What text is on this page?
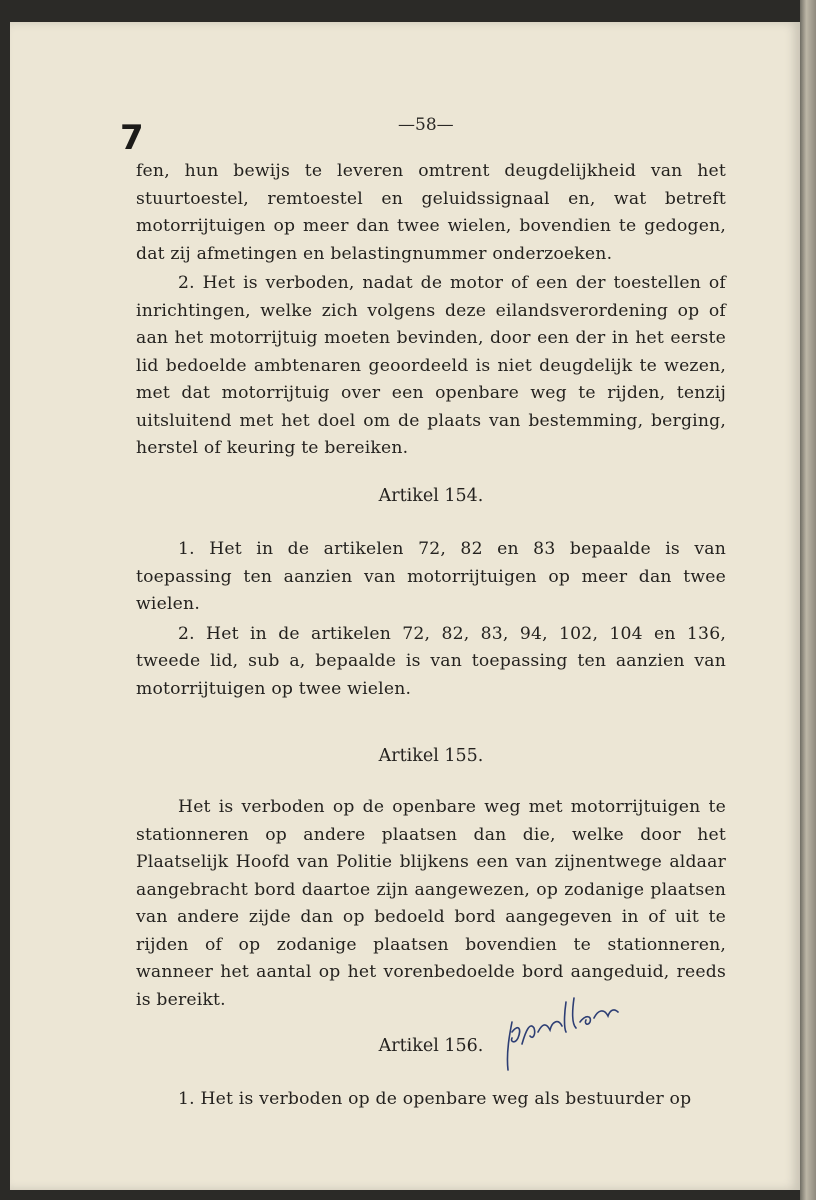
7	—58—

fen, hun bewijs te leveren omtrent deugdelijkheid van het stuurtoestel, remtoestel en geluidssignaal en, wat betreft motorrijtuigen op meer dan twee wielen, bovendien te gedogen, dat zij afmetingen en belastingnummer onderzoeken.

2. Het is verboden, nadat de motor of een der toestellen of inrichtingen, welke zich volgens deze eilandsverordening op of aan het motorrijtuig moeten bevinden, door een der in het eerste lid bedoelde ambtenaren geoordeeld is niet deugdelijk te wezen, met dat motorrijtuig over een openbare weg te rijden, tenzij uitsluitend met het doel om de plaats van bestemming, berging, herstel of keuring te bereiken.

Artikel 154.

1. Het in de artikelen 72, 82 en 83 bepaalde is van toepassing ten aanzien van motorrijtuigen op meer dan twee wielen.

2. Het in de artikelen 72, 82, 83, 94, 102, 104 en 136, tweede lid, sub a, bepaalde is van toepassing ten aanzien van motorrijtuigen op twee wielen.

Artikel 155.

Het is verboden op de openbare weg met motorrijtuigen te stationneren op andere plaatsen dan die, welke door het Plaatselijk Hoofd van Politie blijkens een van zijnentwege aldaar aangebracht bord daartoe zijn aangewezen, op zodanige plaatsen van andere zijde dan op bedoeld bord aangegeven in of uit te rijden of op zodanige plaatsen bovendien te stationneren, wanneer het aantal op het vorenbedoelde bord aangeduid, reeds is bereikt.

Artikel 156.

1. Het is verboden op de openbare weg als bestuurder op
